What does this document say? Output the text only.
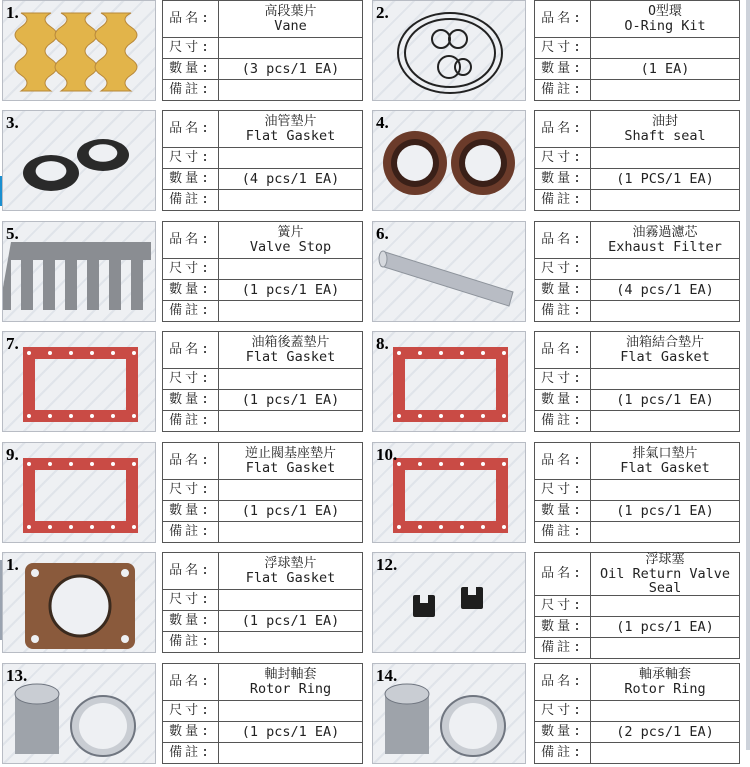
1.	品名:	高段葉片
Vane

尺寸:	
數量:	(3 pcs/1 EA)
備註:	
2.	品名:	O型環
O-Ring Kit

尺寸:	
數量:	(1 EA)
備註:	
3.	品名:	油管墊片
Flat Gasket

尺寸:	
數量:	(4 pcs/1 EA)
備註:	
4.	品名:	油封
Shaft seal

尺寸:	
數量:	(1 PCS/1 EA)
備註:	
5.	品名:	簧片
Valve Stop

尺寸:	
數量:	(1 pcs/1 EA)
備註:	
6.	品名:	油霧過濾芯
Exhaust Filter

尺寸:	
數量:	(4 pcs/1 EA)
備註:	
7.	品名:	油箱後蓋墊片
Flat Gasket

尺寸:	
數量:	(1 pcs/1 EA)
備註:	
8.	品名:	油箱結合墊片
Flat Gasket

尺寸:	
數量:	(1 pcs/1 EA)
備註:	
9.	品名:	逆止閥基座墊片
Flat Gasket

尺寸:	
數量:	(1 pcs/1 EA)
備註:	
10.	品名:	排氣口墊片
Flat Gasket

尺寸:	
數量:	(1 pcs/1 EA)
備註:	
1.	品名:	浮球墊片
Flat Gasket

尺寸:	
數量:	(1 pcs/1 EA)
備註:	
12.	品名:	浮球塞
Oil Return Valve Seal

尺寸:	
數量:	(1 pcs/1 EA)
備註:	
13.	品名:	軸封軸套
Rotor Ring

尺寸:	
數量:	(1 pcs/1 EA)
備註:	
14.	品名:	軸承軸套
Rotor Ring

尺寸:	
數量:	(2 pcs/1 EA)
備註:	
